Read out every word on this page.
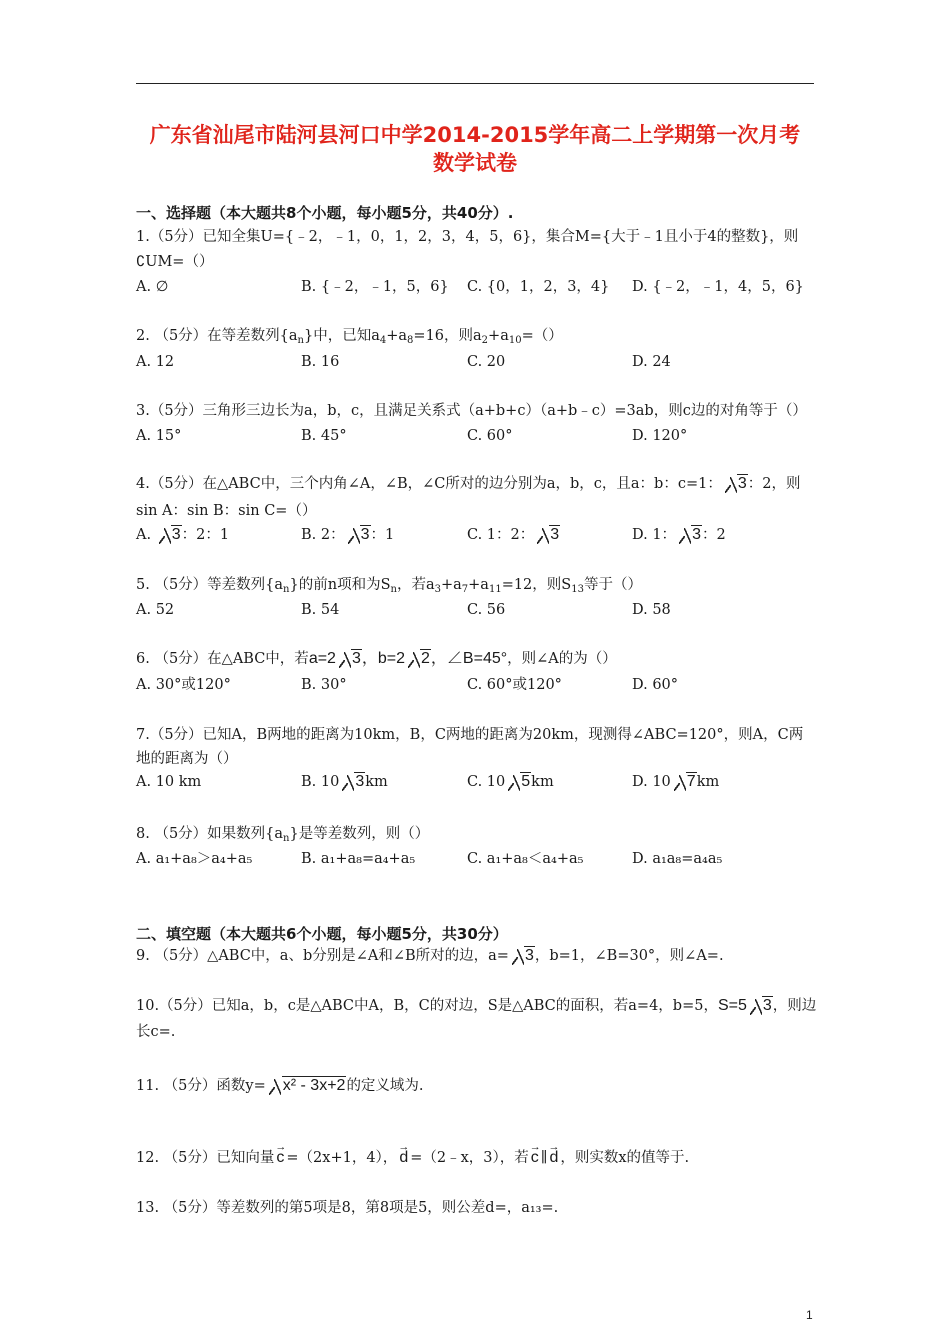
广东省汕尾市陆河县河口中学2014-2015学年高二上学期第一次月考
数学试卷
一、选择题（本大题共8个小题，每小题5分，共40分）.
1.（5分）已知全集U={﹣2，﹣1，0，1，2，3，4，5，6}，集合M={大于﹣1且小于4的整数}，则
∁UM=（）
A. ∅	B. {﹣2，﹣1，5，6} C. {0，1，2，3，4} D. {﹣2，﹣1，4，5，6}
2. （5分）在等差数列$\{a_n\}$中，已知$a_4+a_8=16$，则$a_2+a_{10}=()$
A. 12	B. 16	C. 20	D. 24
3.（5分）三角形三边长为a，b，c，且满足关系式（a+b+c）（a+b﹣c）=3ab，则c边的对角等于（）
A. 15°	B. 45°	C. 60°	D. 120°
4.（5分）在△ABC中，三个内角∠A，∠B，∠C所对的边分别为a，b，c，且a：b：c=1： 3：2，则
sin A：sin B：sin C=（）
A. 3：2：1	B. 2： 3：1	C. 1：2： 3	D. 1： 3：2
5. （5分）等差数列$\{a_n\}$的前n项和为$S_n$，若$a_3+a_7+a_{11}=12$，则$S_{13}$等于（）
A. 52	B. 54	C. 56	D. 58
6. （5分）在△ABC中，若a=2 3，b=2 2，∠B=45°，则∠A的为（）
A. 30°或120°	B. 30°	C. 60°或120°	D. 60°
7.（5分）已知A，B两地的距离为10km，B，C两地的距离为20km，现测得∠ABC=120°，则A，C两
地的距离为（）
A. 10 km	B. 10 3km	C. 10 5km	D. 10 7km
8. （5分）如果数列$\{a_n\}$是等差数列，则（）
A. a₁+a₈＞a₄+a₅	B. a₁+a₈=a₄+a₅	C. a₁+a₈＜a₄+a₅	D. a₁a₈=a₄a₅
二、填空题（本大题共6个小题，每小题5分，共30分）
9. （5分）△ABC中，a、b分别是∠A和∠B所对的边，a= 3，b=1，∠B=30°，则∠A=.
10.（5分）已知a，b，c是△ABC中A，B，C的对边，S是△ABC的面积，若a=4，b=5，S=5 3，则边
长c=.
11. （5分）函数y= x² - 3x+2的定义域为.
12. （5分）已知向量 c → =（2x+1，4）， d → =（2﹣x，3），若 c → ∥ d → ，则实数x的值等于.
13. （5分）等差数列的第5项是8，第8项是5，则公差d=，a₁₃=.
1
